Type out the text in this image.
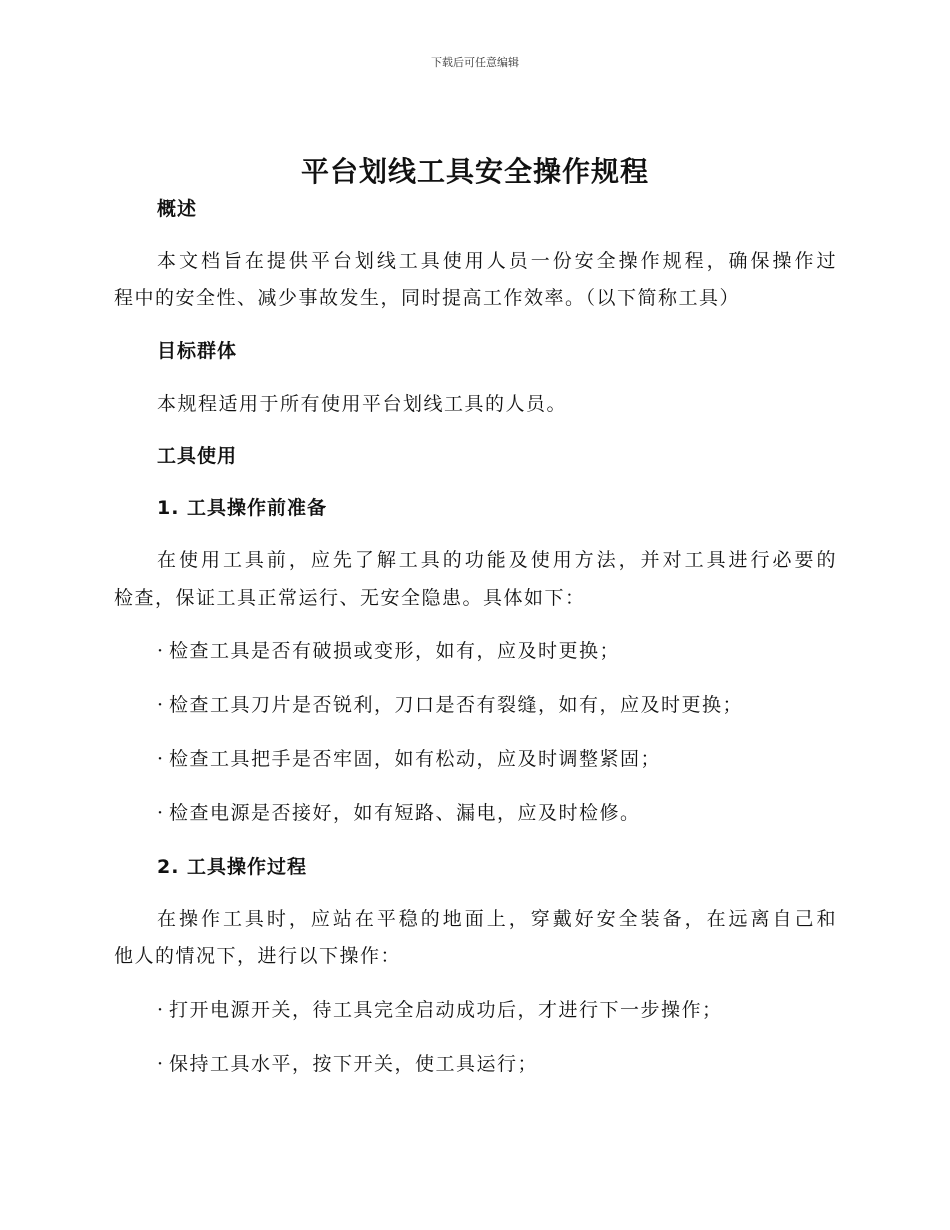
下载后可任意编辑
平台划线工具安全操作规程
概述
本文档旨在提供平台划线工具使用人员一份安全操作规程，确保操作过
程中的安全性、减少事故发生，同时提高工作效率。（以下简称工具）
目标群体
本规程适用于所有使用平台划线工具的人员。
工具使用
1. 工具操作前准备
在使用工具前，应先了解工具的功能及使用方法，并对工具进行必要的
检查，保证工具正常运行、无安全隐患。具体如下：
· 检查工具是否有破损或变形，如有，应及时更换；
· 检查工具刀片是否锐利，刀口是否有裂缝，如有，应及时更换；
· 检查工具把手是否牢固，如有松动，应及时调整紧固；
· 检查电源是否接好，如有短路、漏电，应及时检修。
2. 工具操作过程
在操作工具时，应站在平稳的地面上，穿戴好安全装备，在远离自己和
他人的情况下，进行以下操作：
· 打开电源开关，待工具完全启动成功后，才进行下一步操作；
· 保持工具水平，按下开关，使工具运行；
